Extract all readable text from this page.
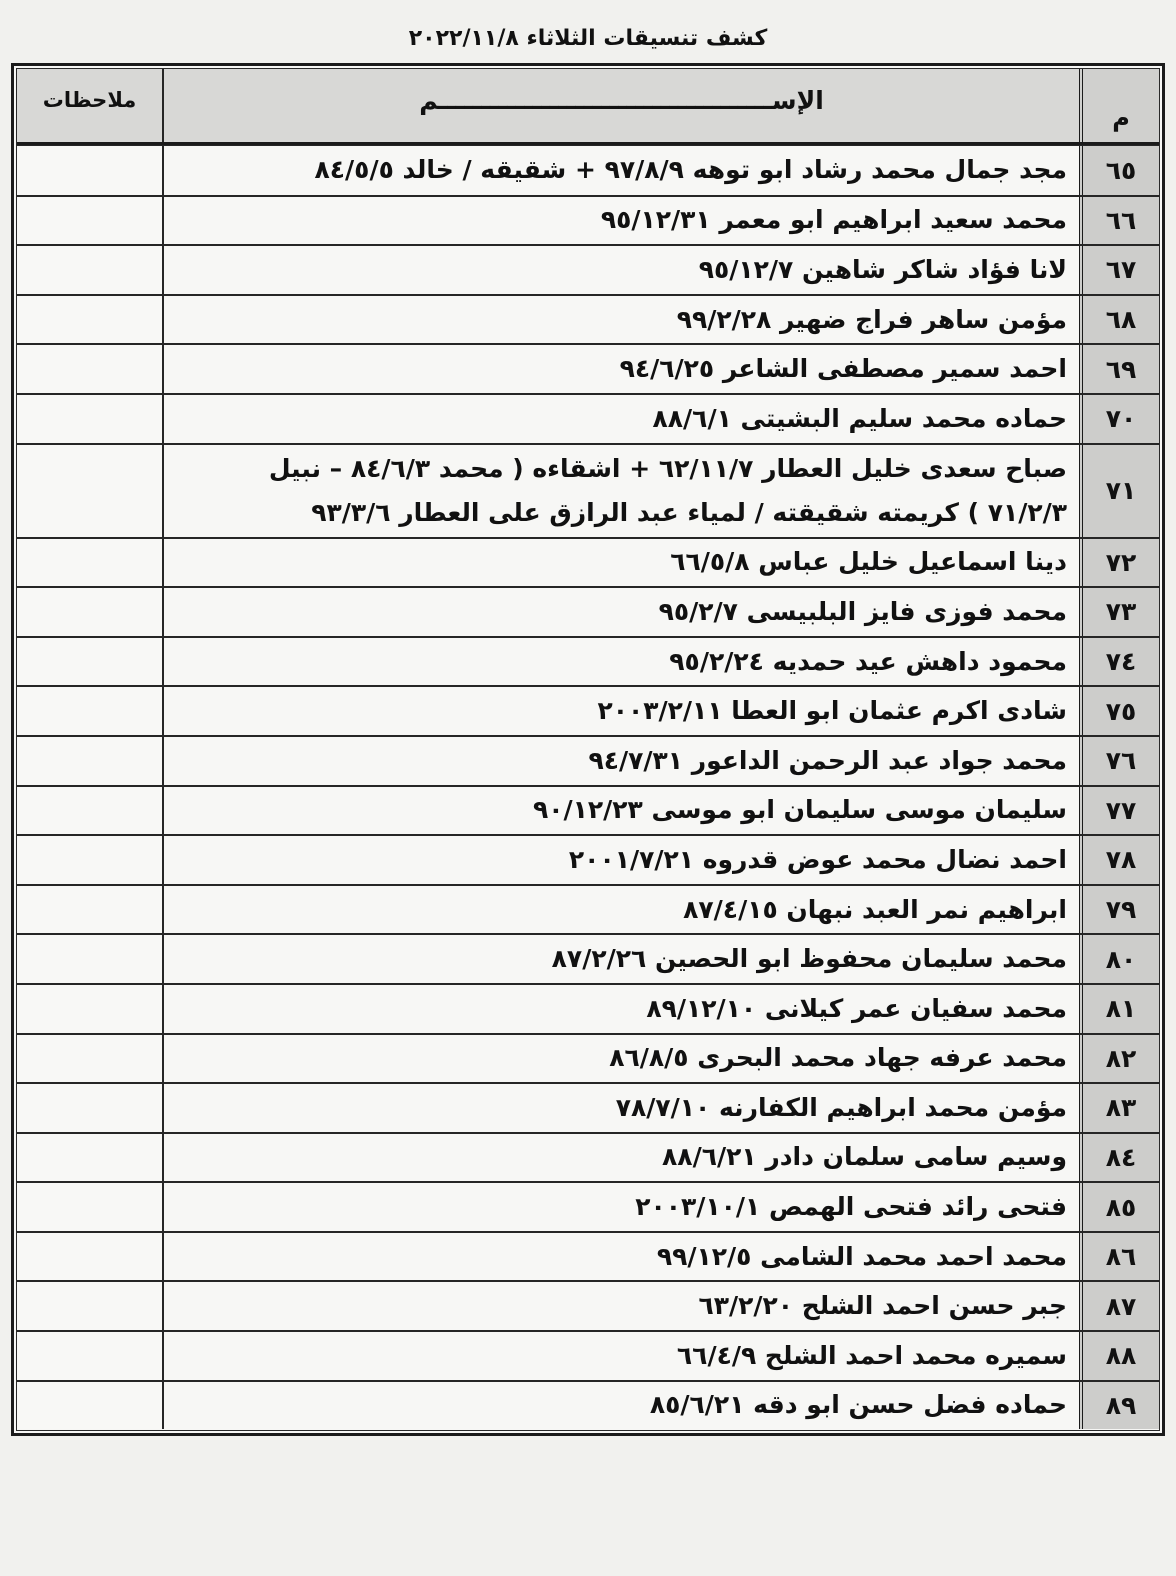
كشف تنسيقات الثلاثاء ٢٠٢٢/١١/٨
م
الإســـــــــــــــــــــــــــــــــــــــم
ملاحظات
٦٥
مجد جمال محمد رشاد ابو توهه ٩٧/٨/٩ + شقيقه / خالد ٨٤/٥/٥
٦٦
محمد سعيد ابراهيم ابو معمر ٩٥/١٢/٣١
٦٧
لانا فؤاد شاكر شاهين ٩٥/١٢/٧
٦٨
مؤمن ساهر فراج ضهير ٩٩/٢/٢٨
٦٩
احمد سمير مصطفى الشاعر ٩٤/٦/٢٥
٧٠
حماده محمد سليم البشيتى ٨٨/٦/١
٧١
صباح سعدى خليل العطار ٦٢/١١/٧ + اشقاءه ( محمد ٨٤/٦/٣ – نبيل
٧١/٢/٣ ) كريمته شقيقته / لمياء عبد الرازق على العطار ٩٣/٣/٦
٧٢
دينا اسماعيل خليل عباس ٦٦/٥/٨
٧٣
محمد فوزى فايز البلبيسى ٩٥/٢/٧
٧٤
محمود داهش عيد حمديه ٩٥/٢/٢٤
٧٥
شادى اكرم عثمان ابو العطا ٢٠٠٣/٢/١١
٧٦
محمد جواد عبد الرحمن الداعور ٩٤/٧/٣١
٧٧
سليمان موسى سليمان ابو موسى ٩٠/١٢/٢٣
٧٨
احمد نضال محمد عوض قدروه ٢٠٠١/٧/٢١
٧٩
ابراهيم نمر العبد نبهان ٨٧/٤/١٥
٨٠
محمد سليمان محفوظ ابو الحصين ٨٧/٢/٢٦
٨١
محمد سفيان عمر كيلانى ٨٩/١٢/١٠
٨٢
محمد عرفه جهاد محمد البحرى ٨٦/٨/٥
٨٣
مؤمن محمد ابراهيم الكفارنه ٧٨/٧/١٠
٨٤
وسيم سامى سلمان دادر ٨٨/٦/٢١
٨٥
فتحى رائد فتحى الهمص ٢٠٠٣/١٠/١
٨٦
محمد احمد محمد الشامى ٩٩/١٢/٥
٨٧
جبر حسن احمد الشلح ٦٣/٢/٢٠
٨٨
سميره محمد احمد الشلح ٦٦/٤/٩
٨٩
حماده فضل حسن ابو دقه ٨٥/٦/٢١
